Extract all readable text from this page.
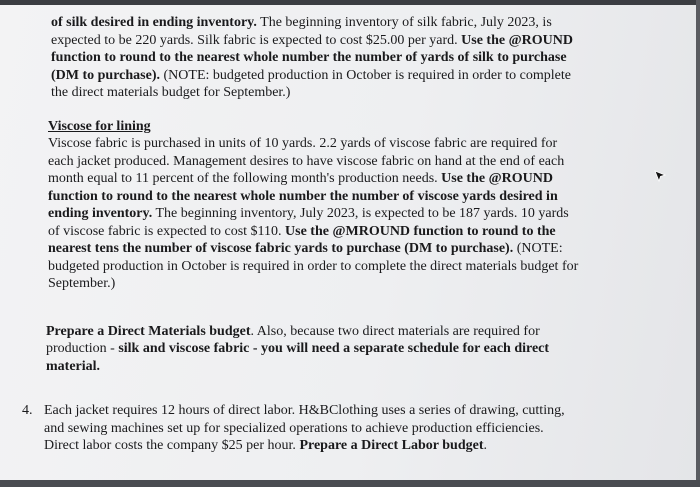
of silk desired in ending inventory. The beginning inventory of silk fabric, July 2023, is expected to be 220 yards. Silk fabric is expected to cost $25.00 per yard. Use the @ROUND function to round to the nearest whole number the number of yards of silk to purchase (DM to purchase). (NOTE: budgeted production in October is required in order to complete the direct materials budget for September.)

Viscose for lining

Viscose fabric is purchased in units of 10 yards. 2.2 yards of viscose fabric are required for each jacket produced. Management desires to have viscose fabric on hand at the end of each month equal to 11 percent of the following month's production needs. Use the @ROUND function to round to the nearest whole number the number of viscose yards desired in ending inventory. The beginning inventory, July 2023, is expected to be 187 yards. 10 yards of viscose fabric is expected to cost $110. Use the @MROUND function to round to the nearest tens the number of viscose fabric yards to purchase (DM to purchase). (NOTE: budgeted production in October is required in order to complete the direct materials budget for September.)

Prepare a Direct Materials budget. Also, because two direct materials are required for production - silk and viscose fabric - you will need a separate schedule for each direct material.

4. Each jacket requires 12 hours of direct labor. H&BClothing uses a series of drawing, cutting, and sewing machines set up for specialized operations to achieve production efficiencies. Direct labor costs the company $25 per hour. Prepare a Direct Labor budget.
